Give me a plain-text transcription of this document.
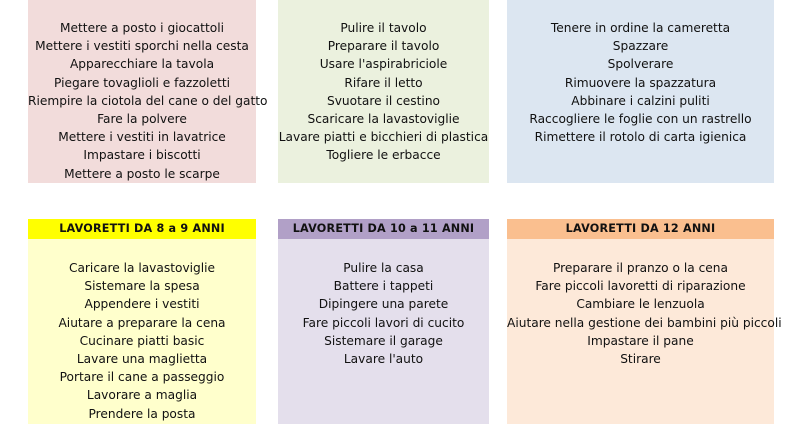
Mettere a posto i giocattoli
Mettere i vestiti sporchi nella cesta
Apparecchiare la tavola
Piegare tovaglioli e fazzoletti
Riempire la ciotola del cane o del gatto
Fare la polvere
Mettere i vestiti in lavatrice
Impastare i biscotti
Mettere a posto le scarpe
Pulire il tavolo
Preparare il tavolo
Usare l'aspirabriciole
Rifare il letto
Svuotare il cestino
Scaricare la lavastoviglie
Lavare piatti e bicchieri di plastica
Togliere le erbacce
Tenere in ordine la cameretta
Spazzare
Spolverare
Rimuovere la spazzatura
Abbinare i calzini puliti
Raccogliere le foglie con un rastrello
Rimettere il rotolo di carta igienica
LAVORETTI DA 8 a 9 ANNI
Caricare la lavastoviglie
Sistemare la spesa
Appendere i vestiti
Aiutare a preparare la cena
Cucinare piatti basic
Lavare una maglietta
Portare il cane a passeggio
Lavorare a maglia
Prendere la posta
LAVORETTI DA 10 a 11 ANNI
Pulire la casa
Battere i tappeti
Dipingere una parete
Fare piccoli lavori di cucito
Sistemare il garage
Lavare l'auto
LAVORETTI DA 12 ANNI
Preparare il pranzo o la cena
Fare piccoli lavoretti di riparazione
Cambiare le lenzuola
Aiutare nella gestione dei bambini più piccoli
Impastare il pane
Stirare
